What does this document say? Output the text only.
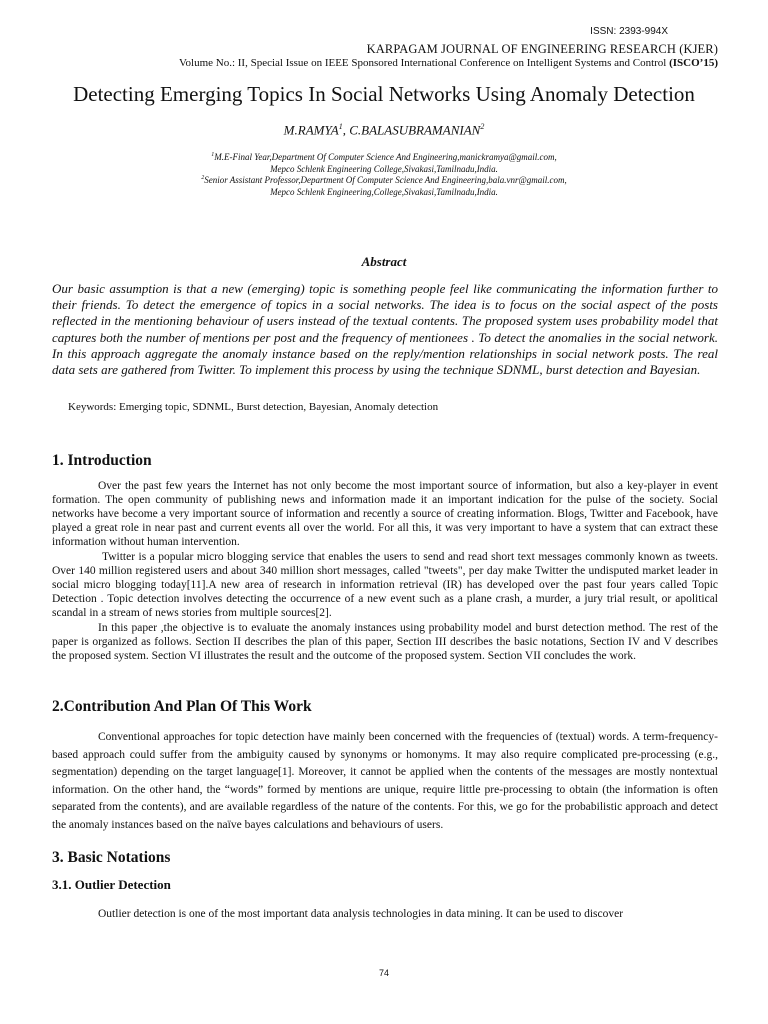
ISSN: 2393-994X
KARPAGAM JOURNAL OF ENGINEERING RESEARCH (KJER)
Volume No.: II, Special Issue on IEEE Sponsored International Conference on Intelligent Systems and Control (ISCO’15)
Detecting Emerging Topics In Social Networks Using Anomaly Detection
M.RAMYA$^1$, C.BALASUBRAMANIAN$^2$
$^1$M.E-Final Year,Department Of Computer Science And Engineering,manickramya@gmail.com,
Mepco Schlenk Engineering College,Sivakasi,Tamilnadu,India.
$^2$Senior Assistant Professor,Department Of Computer Science And Engineering,bala.vnr@gmail.com,
Mepco Schlenk Engineering,College,Sivakasi,Tamilnadu,India.
Abstract

Our basic assumption is that a new (emerging) topic is something people feel like communicating the information further to their friends. To detect the emergence of topics in a social networks. The idea is to focus on the social aspect of the posts reflected in the mentioning behaviour of users instead of the textual contents. The proposed system uses probability model that captures both the number of mentions per post and the frequency of mentionees . To detect the anomalies in the social network. In this approach aggregate the anomaly instance based on the reply/mention relationships in social network posts. The real data sets are gathered from Twitter. To implement this process by using the technique SDNML, burst detection and Bayesian.

Keywords: Emerging topic, SDNML, Burst detection, Bayesian, Anomaly detection
1. Introduction

Over the past few years the Internet has not only become the most important source of information, but also a key-player in event formation. The open community of publishing news and information made it an important indication for the pulse of the society. Social networks have become a very important source of information and recently a source of creating information. Blogs, Twitter and Facebook, have played a great role in near past and current events all over the world. For all this, it was very important to have a system that can extract these information without human intervention.

Twitter is a popular micro blogging service that enables the users to send and read short text messages commonly known as tweets. Over 140 million registered users and about 340 million short messages, called "tweets", per day make Twitter the undisputed market leader in social micro blogging today[11].A new area of research in information retrieval (IR) has developed over the past four years called Topic Detection . Topic detection involves detecting the occurrence of a new event such as a plane crash, a murder, a jury trial result, or apolitical scandal in a stream of news stories from multiple sources[2].

In this paper ,the objective is to evaluate the anomaly instances using probability model and burst detection method. The rest of the paper is organized as follows. Section II describes the plan of this paper, Section III describes the basic notations, Section IV and V describes the proposed system. Section VI illustrates the result and the outcome of the proposed system. Section VII concludes the work.

2.Contribution And Plan Of This Work

Conventional approaches for topic detection have mainly been concerned with the frequencies of (textual) words. A term-frequency-based approach could suffer from the ambiguity caused by synonyms or homonyms. It may also require complicated pre-processing (e.g., segmentation) depending on the target language[1]. Moreover, it cannot be applied when the contents of the messages are mostly nontextual information. On the other hand, the “words” formed by mentions are unique, require little pre-processing to obtain (the information is often separated from the contents), and are available regardless of the nature of the contents. For this, we go for the probabilistic approach and detect the anomaly instances based on the naïve bayes calculations and behaviours of users.

3. Basic Notations
3.1. Outlier Detection

Outlier detection is one of the most important data analysis technologies in data mining. It can be used to discover

74
